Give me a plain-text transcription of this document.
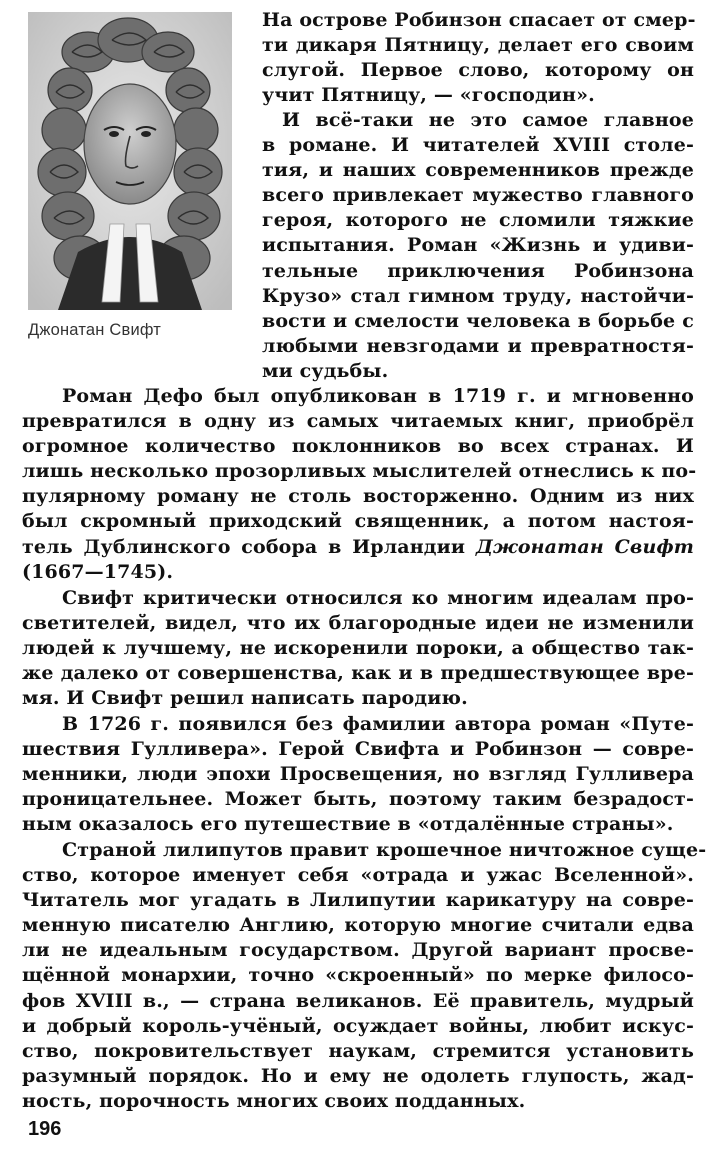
Джонатан Свифт

На острове Робинзон спасает от смер-
ти дикаря Пятницу, делает его своим
слугой. Первое слово, которому он
учит Пятницу, — «господин».

И всё-таки не это самое главное
в романе. И читателей XVIII столе-
тия, и наших современников прежде
всего привлекает мужество главного
героя, которого не сломили тяжкие
испытания. Роман «Жизнь и удиви-
тельные приключения Робинзона
Крузо» стал гимном труду, настойчи-
вости и смелости человека в борьбе с
любыми невзгодами и превратностя-
ми судьбы.

Роман Дефо был опубликован в 1719 г. и мгновенно
превратился в одну из самых читаемых книг, приобрёл
огромное количество поклонников во всех странах. И
лишь несколько прозорливых мыслителей отнеслись к по-
пулярному роману не столь восторженно. Одним из них
был скромный приходский священник, а потом настоя-
тель Дублинского собора в Ирландии Джонатан Свифт
(1667—1745).

Свифт критически относился ко многим идеалам про-
светителей, видел, что их благородные идеи не изменили
людей к лучшему, не искоренили пороки, а общество так-
же далеко от совершенства, как и в предшествующее вре-
мя. И Свифт решил написать пародию.

В 1726 г. появился без фамилии автора роман «Путе-
шествия Гулливера». Герой Свифта и Робинзон — совре-
менники, люди эпохи Просвещения, но взгляд Гулливера
проницательнее. Может быть, поэтому таким безрадост-
ным оказалось его путешествие в «отдалённые страны».

Страной лилипутов правит крошечное ничтожное суще-
ство, которое именует себя «отрада и ужас Вселенной».
Читатель мог угадать в Лилипутии карикатуру на совре-
менную писателю Англию, которую многие считали едва
ли не идеальным государством. Другой вариант просве-
щённой монархии, точно «скроенный» по мерке филосо-
фов XVIII в., — страна великанов. Её правитель, мудрый
и добрый король-учёный, осуждает войны, любит искус-
ство, покровительствует наукам, стремится установить
разумный порядок. Но и ему не одолеть глупость, жад-
ность, порочность многих своих подданных.

196
